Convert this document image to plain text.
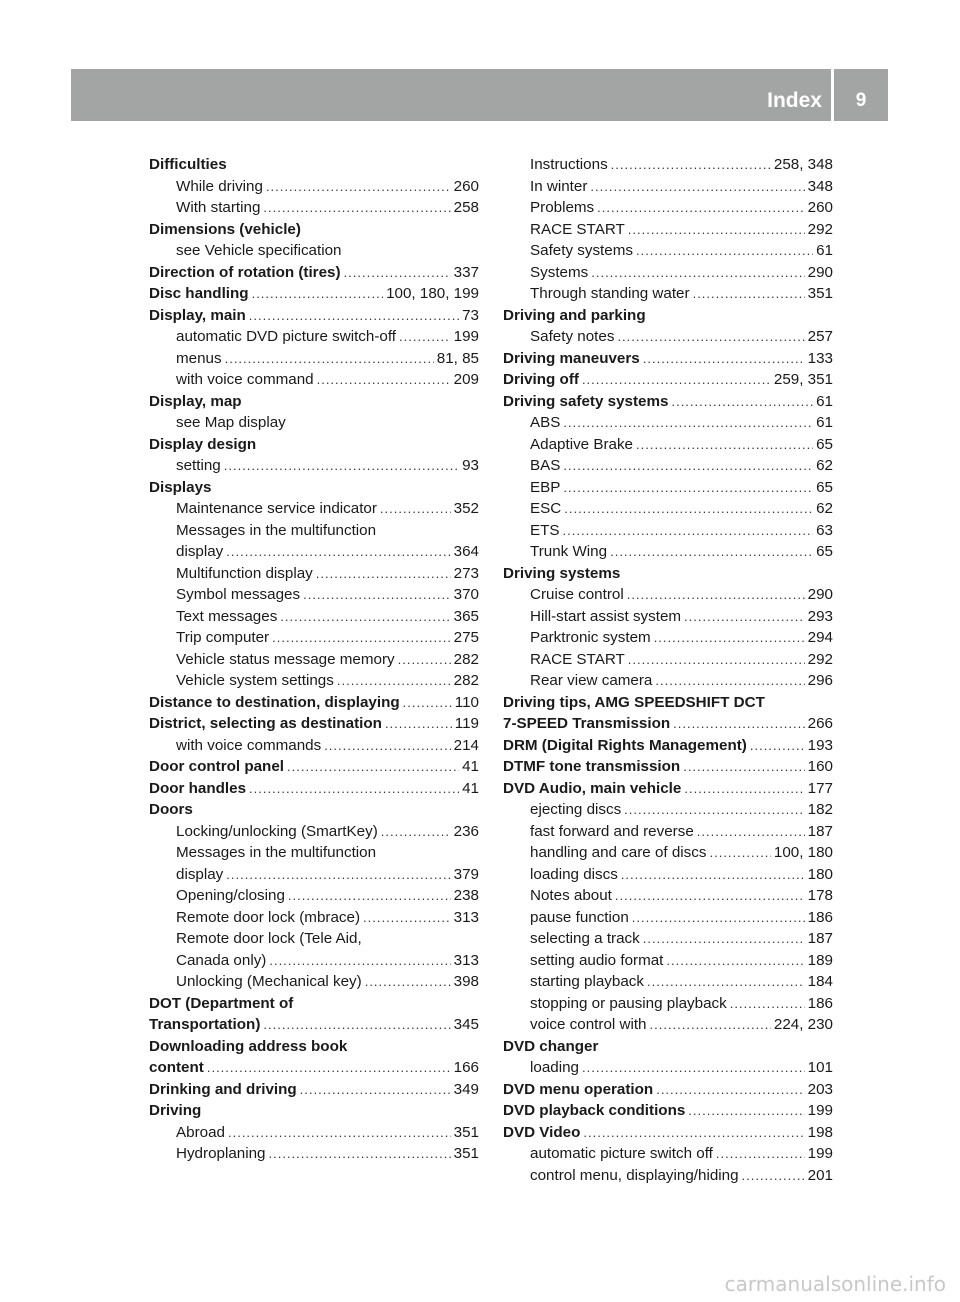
Index	9
Difficulties
While driving .....	260
With starting .....	258
Dimensions (vehicle)
see Vehicle specification
Direction of rotation (tires) .....	337
Disc handling .....	100, 180, 199
Display, main .....	73
automatic DVD picture switch-off .....	199
menus .....	81, 85
with voice command .....	209
Display, map
see Map display
Display design
setting .....	93
Displays
Maintenance service indicator .....	352
Messages in the multifunction
display .....	364
Multifunction display .....	273
Symbol messages .....	370
Text messages .....	365
Trip computer .....	275
Vehicle status message memory .....	282
Vehicle system settings .....	282
Distance to destination, displaying .....	110
District, selecting as destination .....	119
with voice commands .....	214
Door control panel .....	41
Door handles .....	41
Doors
Locking/unlocking (SmartKey) .....	236
Messages in the multifunction
display .....	379
Opening/closing .....	238
Remote door lock (mbrace) .....	313
Remote door lock (Tele Aid,
Canada only) .....	313
Unlocking (Mechanical key) .....	398
DOT (Department of
Transportation) .....	345
Downloading address book
content .....	166
Drinking and driving .....	349
Driving
Abroad .....	351
Hydroplaning .....	351
Instructions .....	258, 348
In winter .....	348
Problems .....	260
RACE START .....	292
Safety systems .....	61
Systems .....	290
Through standing water .....	351
Driving and parking
Safety notes .....	257
Driving maneuvers .....	133
Driving off .....	259, 351
Driving safety systems .....	61
ABS .....	61
Adaptive Brake .....	65
BAS .....	62
EBP .....	65
ESC .....	62
ETS .....	63
Trunk Wing .....	65
Driving systems
Cruise control .....	290
Hill-start assist system .....	293
Parktronic system .....	294
RACE START .....	292
Rear view camera .....	296
Driving tips, AMG SPEEDSHIFT DCT
7-SPEED Transmission .....	266
DRM (Digital Rights Management) .....	193
DTMF tone transmission .....	160
DVD Audio, main vehicle .....	177
ejecting discs .....	182
fast forward and reverse .....	187
handling and care of discs .....	100, 180
loading discs .....	180
Notes about .....	178
pause function .....	186
selecting a track .....	187
setting audio format .....	189
starting playback .....	184
stopping or pausing playback .....	186
voice control with .....	224, 230
DVD changer
loading .....	101
DVD menu operation .....	203
DVD playback conditions .....	199
DVD Video .....	198
automatic picture switch off .....	199
control menu, displaying/hiding .....	201
carmanualsonline.info
